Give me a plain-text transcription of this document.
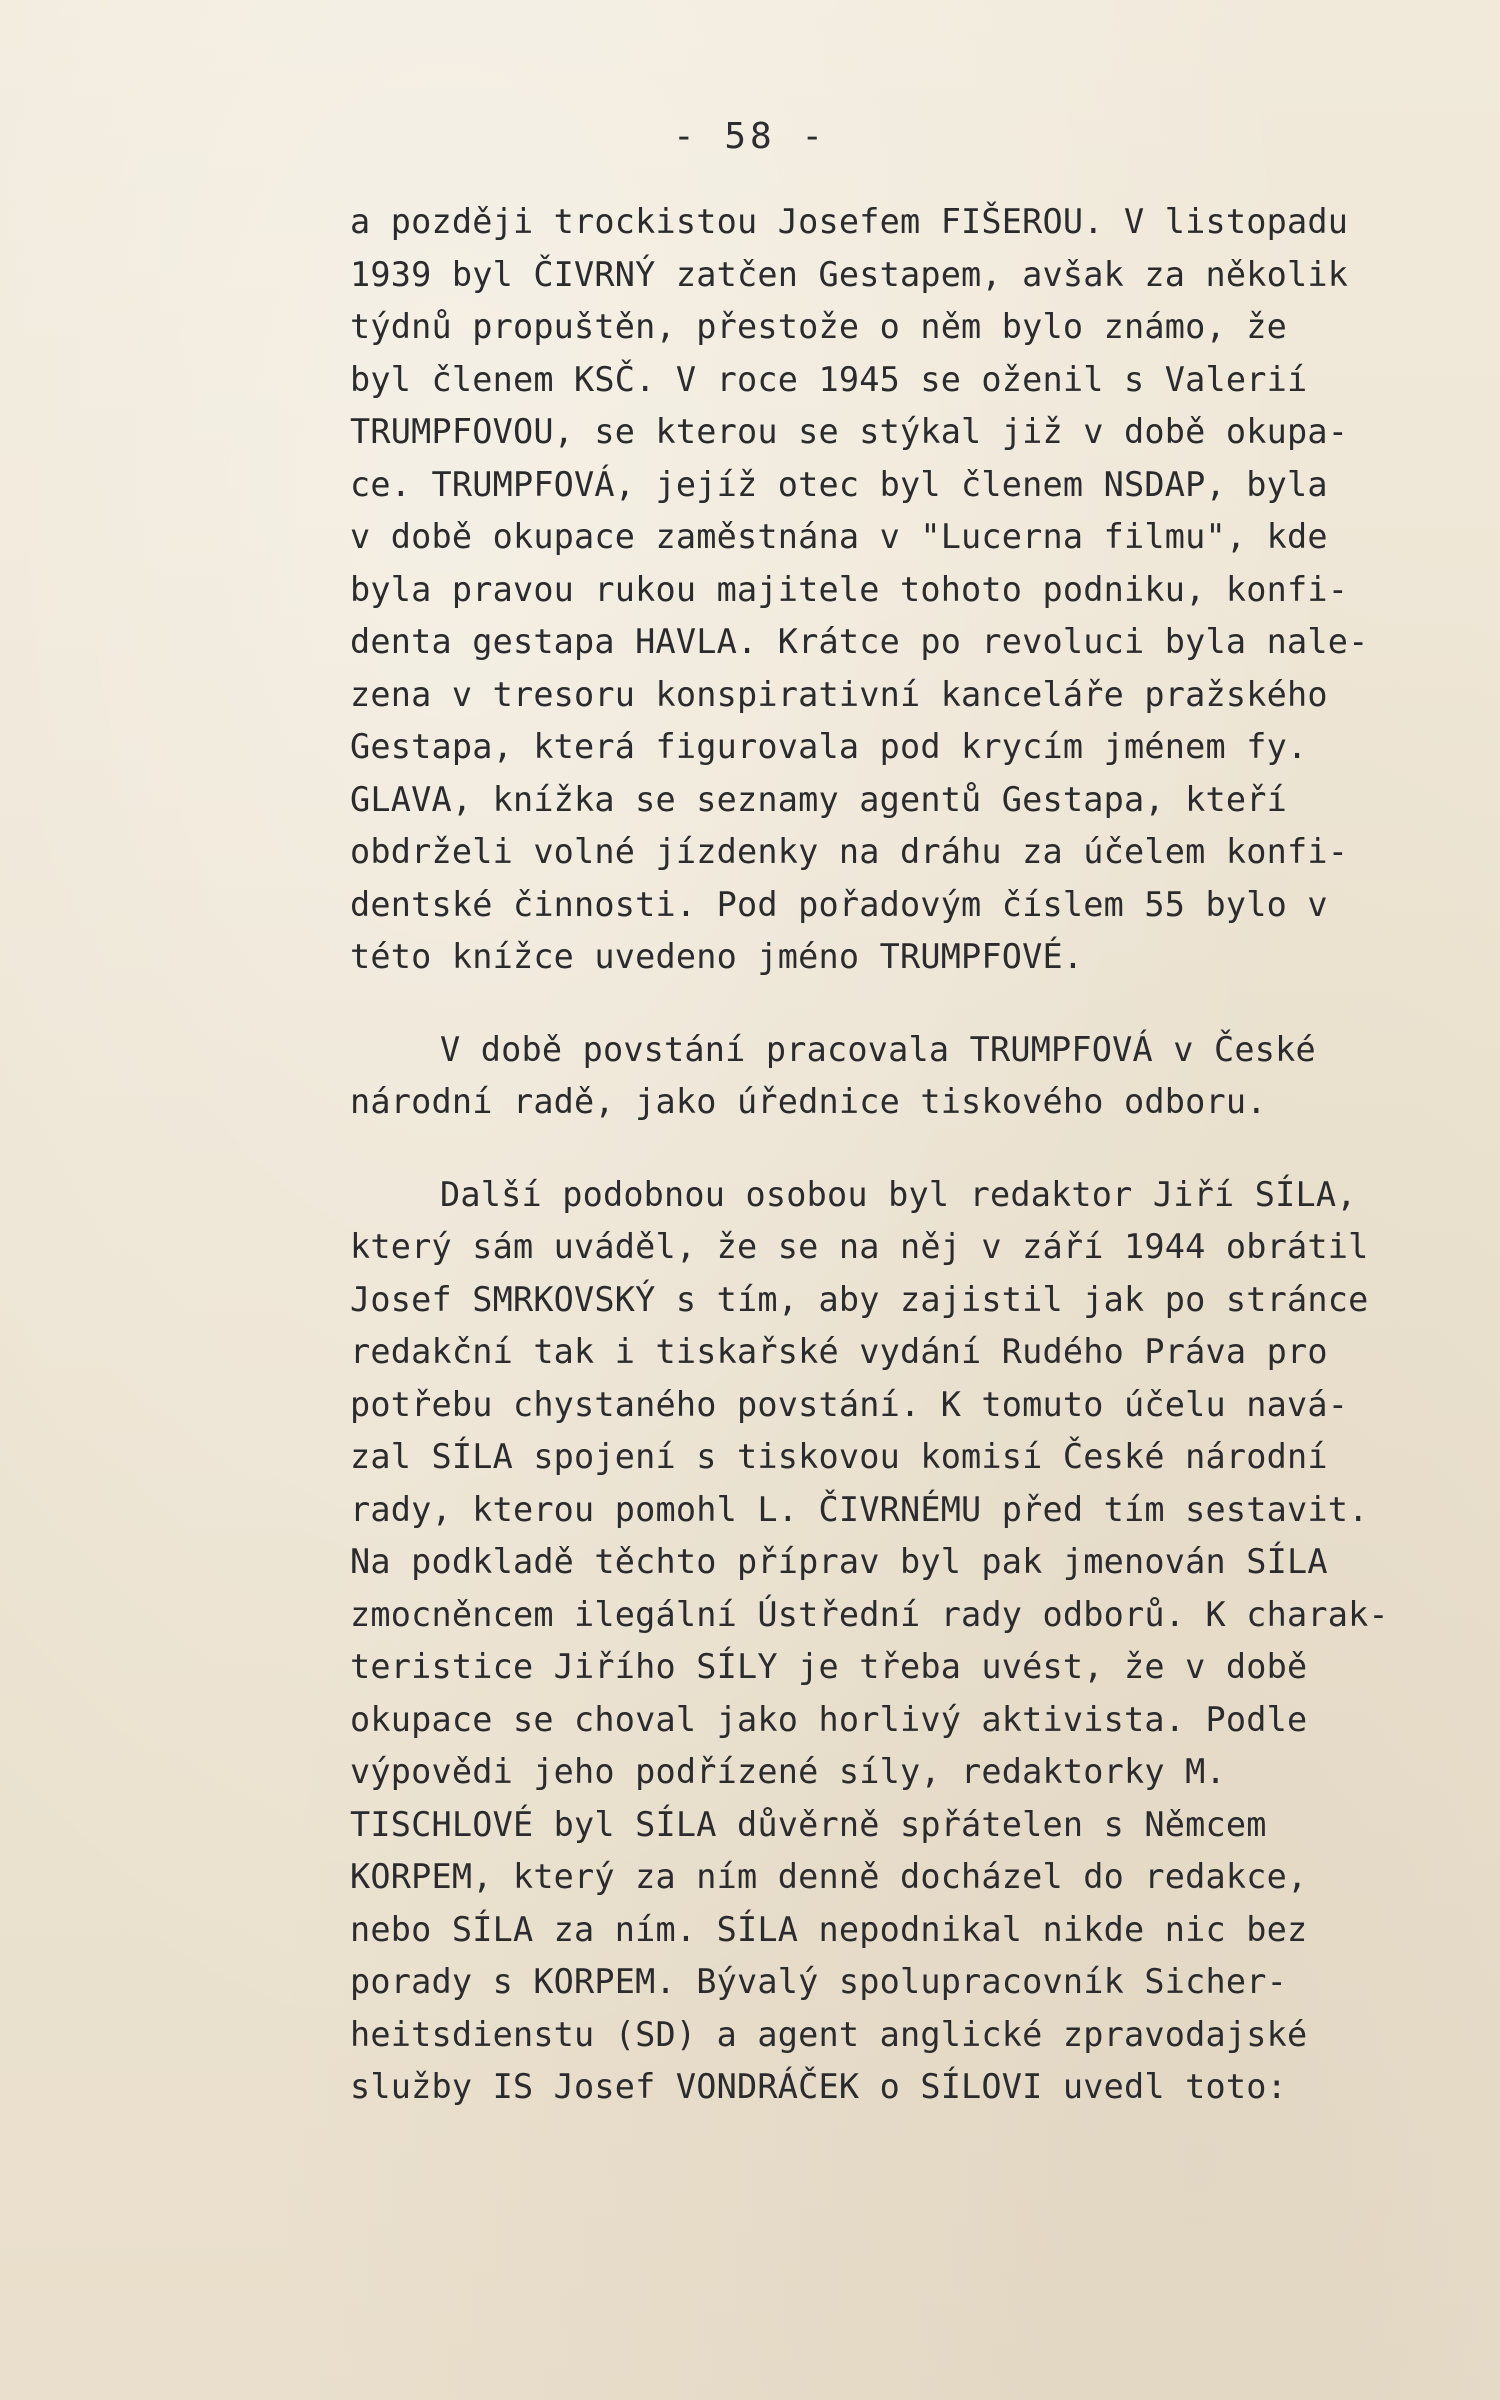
- 58 -

a později trockistou Josefem FIŠEROU. V listopadu
1939 byl ČIVRNÝ zatčen Gestapem, avšak za několik
týdnů propuštěn, přestože o něm bylo známo, že
byl členem KSČ. V roce 1945 se oženil s Valerií
TRUMPFOVOU, se kterou se stýkal již v době okupa-
ce. TRUMPFOVÁ, jejíž otec byl členem NSDAP, byla
v době okupace zaměstnána v "Lucerna filmu", kde
byla pravou rukou majitele tohoto podniku, konfi-
denta gestapa HAVLA. Krátce po revoluci byla nale-
zena v tresoru konspirativní kanceláře pražského
Gestapa, která figurovala pod krycím jménem fy.
GLAVA, knížka se seznamy agentů Gestapa, kteří
obdrželi volné jízdenky na dráhu za účelem konfi-
dentské činnosti. Pod pořadovým číslem 55 bylo v
této knížce uvedeno jméno TRUMPFOVÉ.

V době povstání pracovala TRUMPFOVÁ v České
národní radě, jako úřednice tiskového odboru.

Další podobnou osobou byl redaktor Jiří SÍLA,
který sám uváděl, že se na něj v září 1944 obrátil
Josef SMRKOVSKÝ s tím, aby zajistil jak po stránce
redakční tak i tiskařské vydání Rudého Práva pro
potřebu chystaného povstání. K tomuto účelu navá-
zal SÍLA spojení s tiskovou komisí České národní
rady, kterou pomohl L. ČIVRNÉMU před tím sestavit.
Na podkladě těchto příprav byl pak jmenován SÍLA
zmocněncem ilegální Ústřední rady odborů. K charak-
teristice Jiřího SÍLY je třeba uvést, že v době
okupace se choval jako horlivý aktivista. Podle
výpovědi jeho podřízené síly, redaktorky M.
TISCHLOVÉ byl SÍLA důvěrně spřátelen s Němcem
KORPEM, který za ním denně docházel do redakce,
nebo SÍLA za ním. SÍLA nepodnikal nikde nic bez
porady s KORPEM. Bývalý spolupracovník Sicher-
heitsdienstu (SD) a agent anglické zpravodajské
služby IS Josef VONDRÁČEK o SÍLOVI uvedl toto:
